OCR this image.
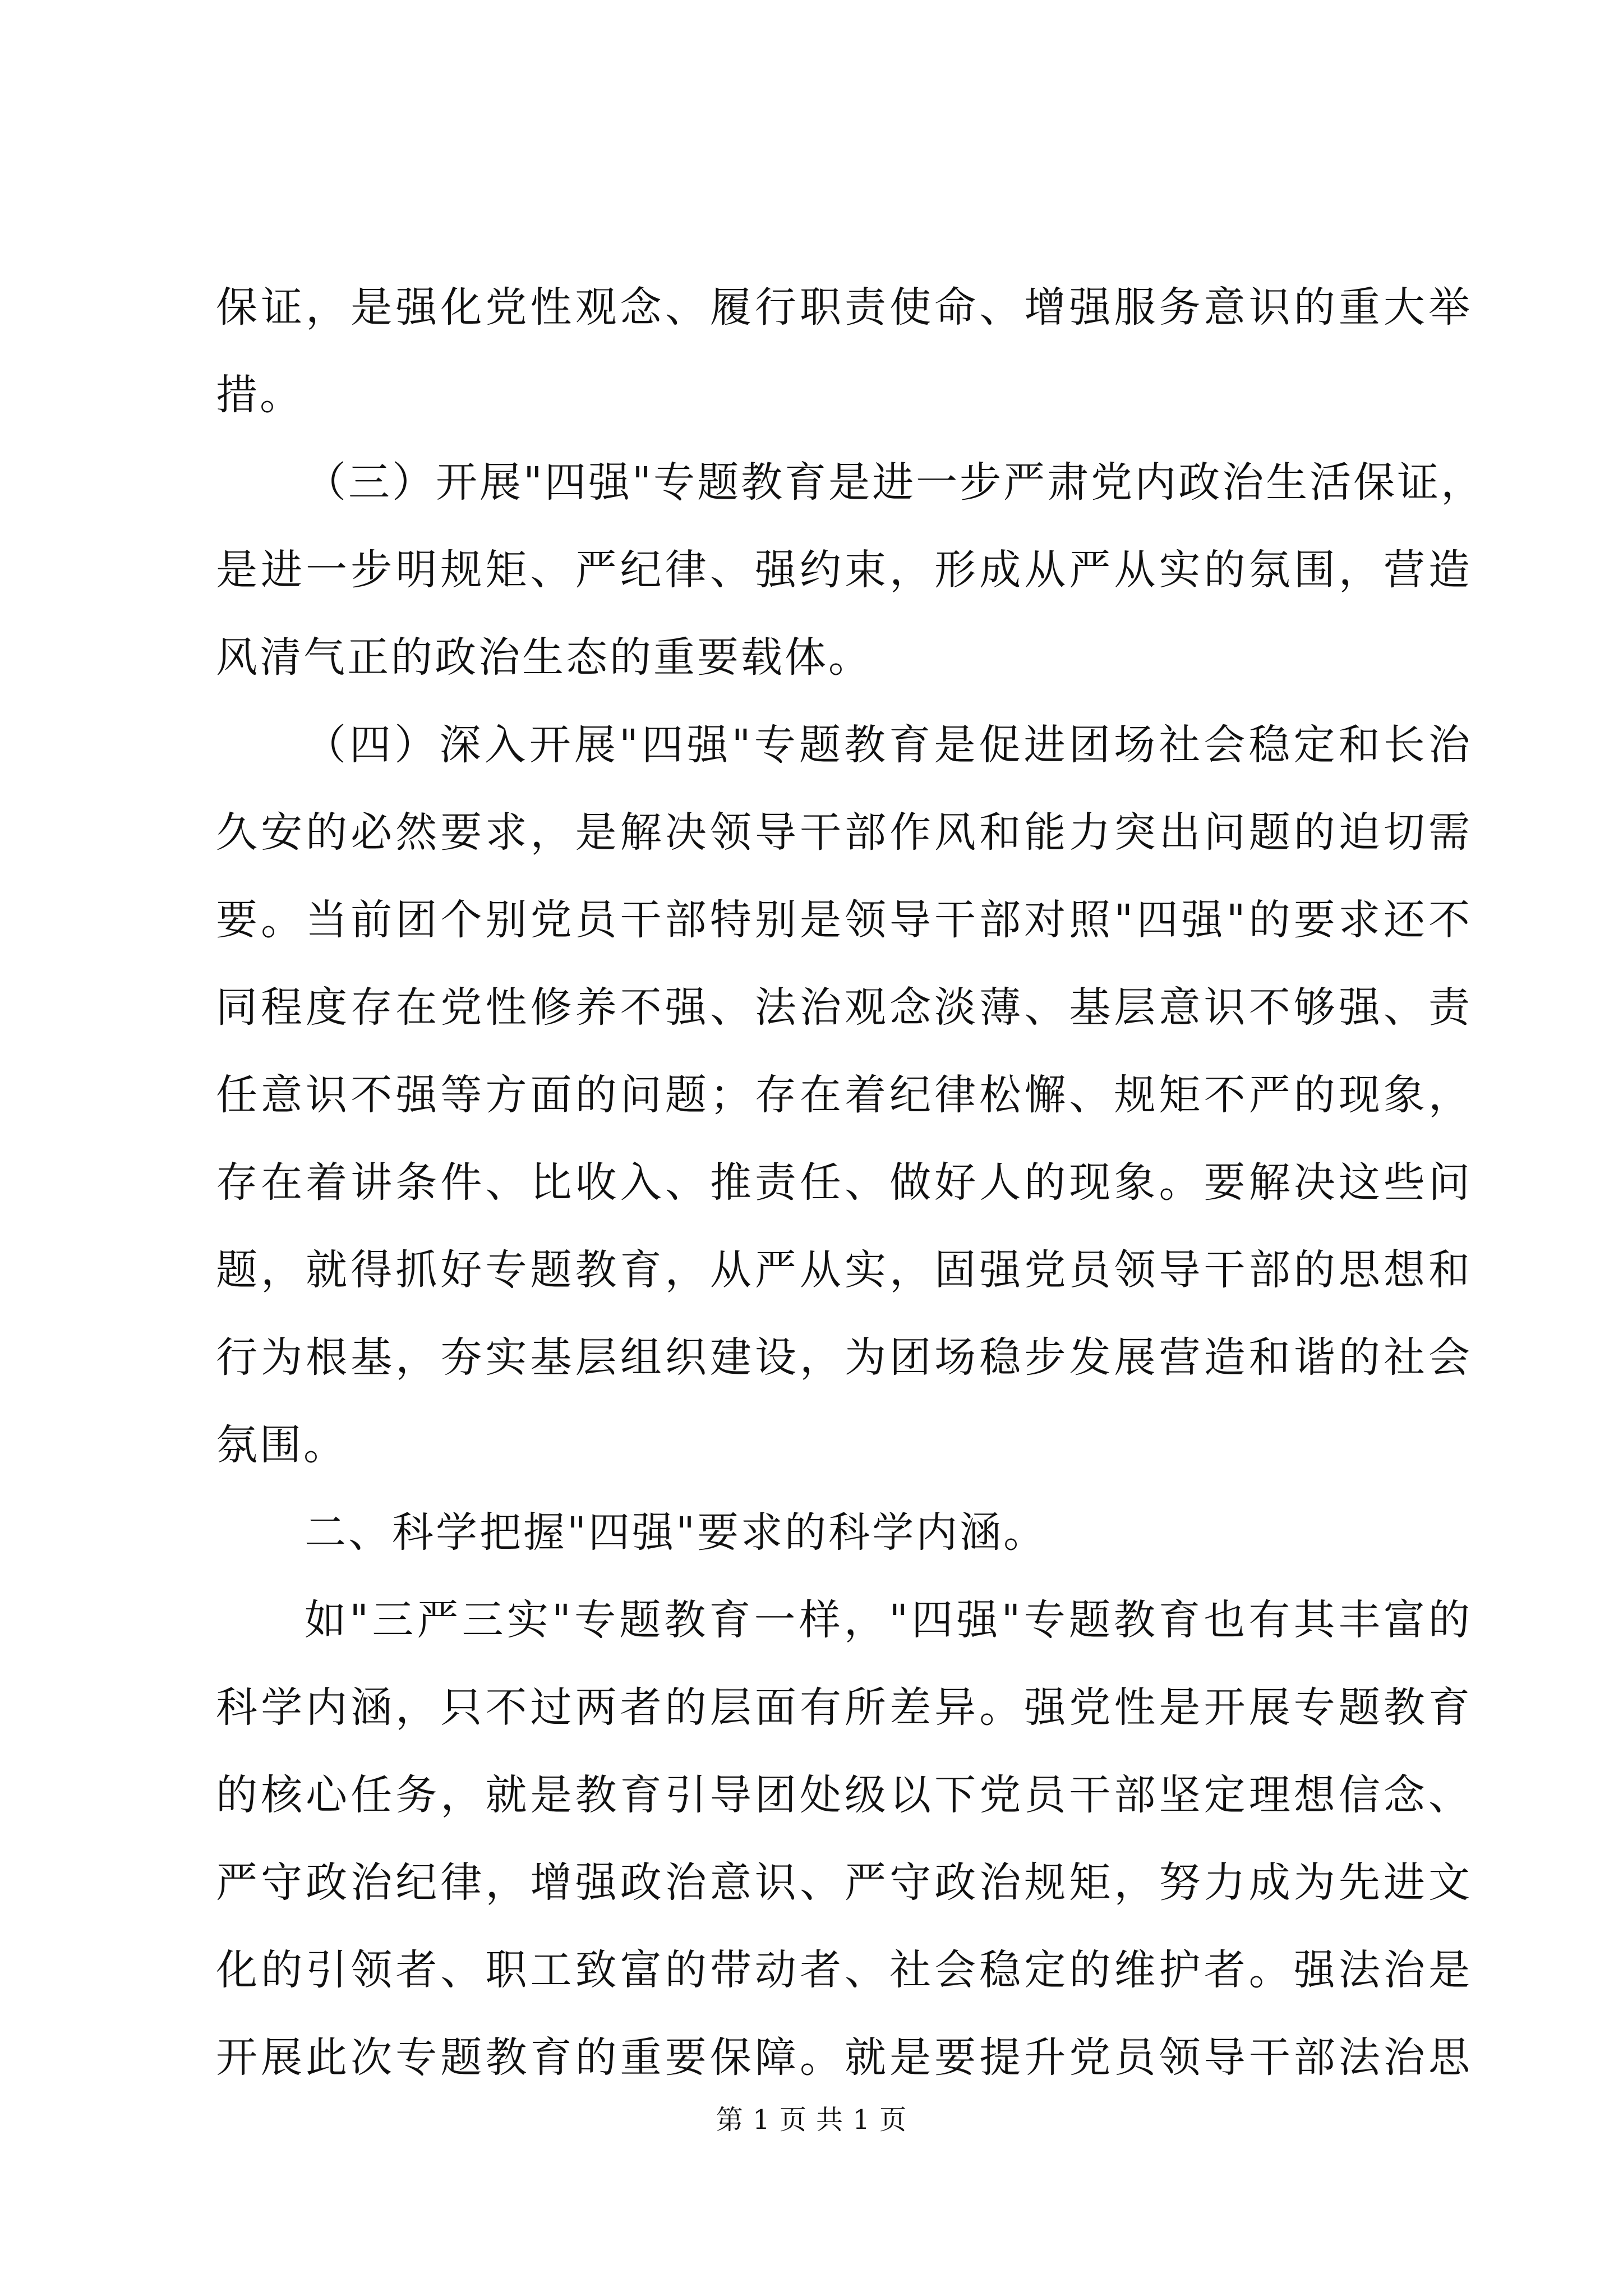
保证，是强化党性观念、履行职责使命、增强服务意识的重大举
措。
（三）开展"四强"专题教育是进一步严肃党内政治生活保证，
是进一步明规矩、严纪律、强约束，形成从严从实的氛围，营造
风清气正的政治生态的重要载体。
（四）深入开展"四强"专题教育是促进团场社会稳定和长治
久安的必然要求，是解决领导干部作风和能力突出问题的迫切需
要。当前团个别党员干部特别是领导干部对照"四强"的要求还不
同程度存在党性修养不强、法治观念淡薄、基层意识不够强、责
任意识不强等方面的问题；存在着纪律松懈、规矩不严的现象，
存在着讲条件、比收入、推责任、做好人的现象。要解决这些问
题，就得抓好专题教育，从严从实，固强党员领导干部的思想和
行为根基，夯实基层组织建设，为团场稳步发展营造和谐的社会
氛围。
二、科学把握"四强"要求的科学内涵。
如"三严三实"专题教育一样，"四强"专题教育也有其丰富的
科学内涵，只不过两者的层面有所差异。强党性是开展专题教育
的核心任务，就是教育引导团处级以下党员干部坚定理想信念、
严守政治纪律，增强政治意识、严守政治规矩，努力成为先进文
化的引领者、职工致富的带动者、社会稳定的维护者。强法治是
开展此次专题教育的重要保障。就是要提升党员领导干部法治思
第 1 页 共 1 页
